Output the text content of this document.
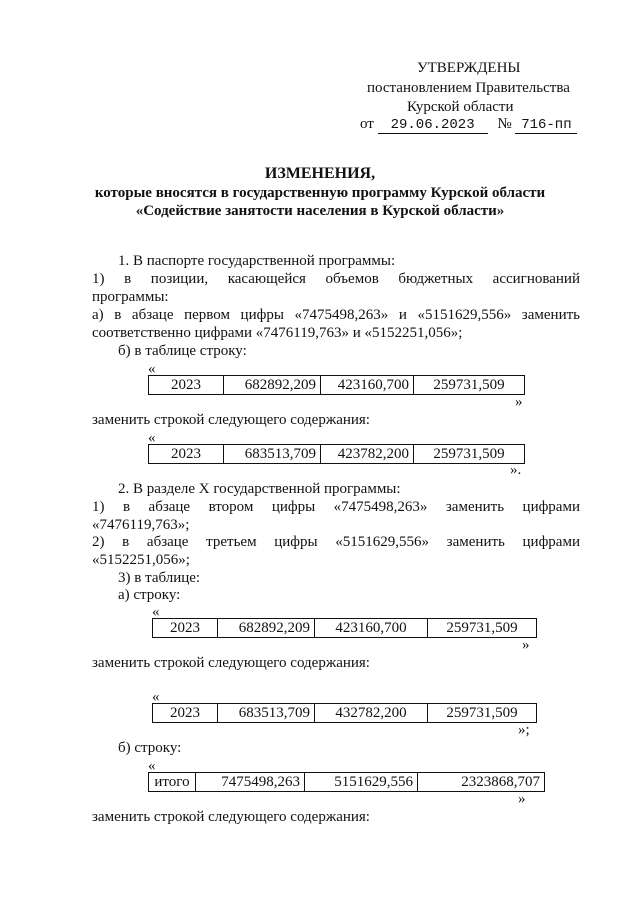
УТВЕРЖДЕНЫ
постановлением Правительства
Курской области
от 29.06.2023 № 716-пп
ИЗМЕНЕНИЯ,
которые вносятся в государственную программу Курской области
«Содействие занятости населения в Курской области»
1. В паспорте государственной программы:
1) в позиции, касающейся объемов бюджетных ассигнований
программы:
а) в абзаце первом цифры «7475498,263» и «5151629,556» заменить
соответственно цифрами «7476119,763» и «5152251,056»;
б) в таблице строку:
«
2023	682892,209	423160,700	259731,509
»
заменить строкой следующего содержания:
«
2023	683513,709	423782,200	259731,509
».
2. В разделе X государственной программы:
1) в абзаце втором цифры «7475498,263» заменить цифрами
«7476119,763»;
2) в абзаце третьем цифры «5151629,556» заменить цифрами
«5152251,056»;
3) в таблице:
а) строку:
«
2023	682892,209	423160,700	259731,509
»
заменить строкой следующего содержания:
«
2023	683513,709	432782,200	259731,509
»;
б) строку:
«
итого	7475498,263	5151629,556	2323868,707
»
заменить строкой следующего содержания:
